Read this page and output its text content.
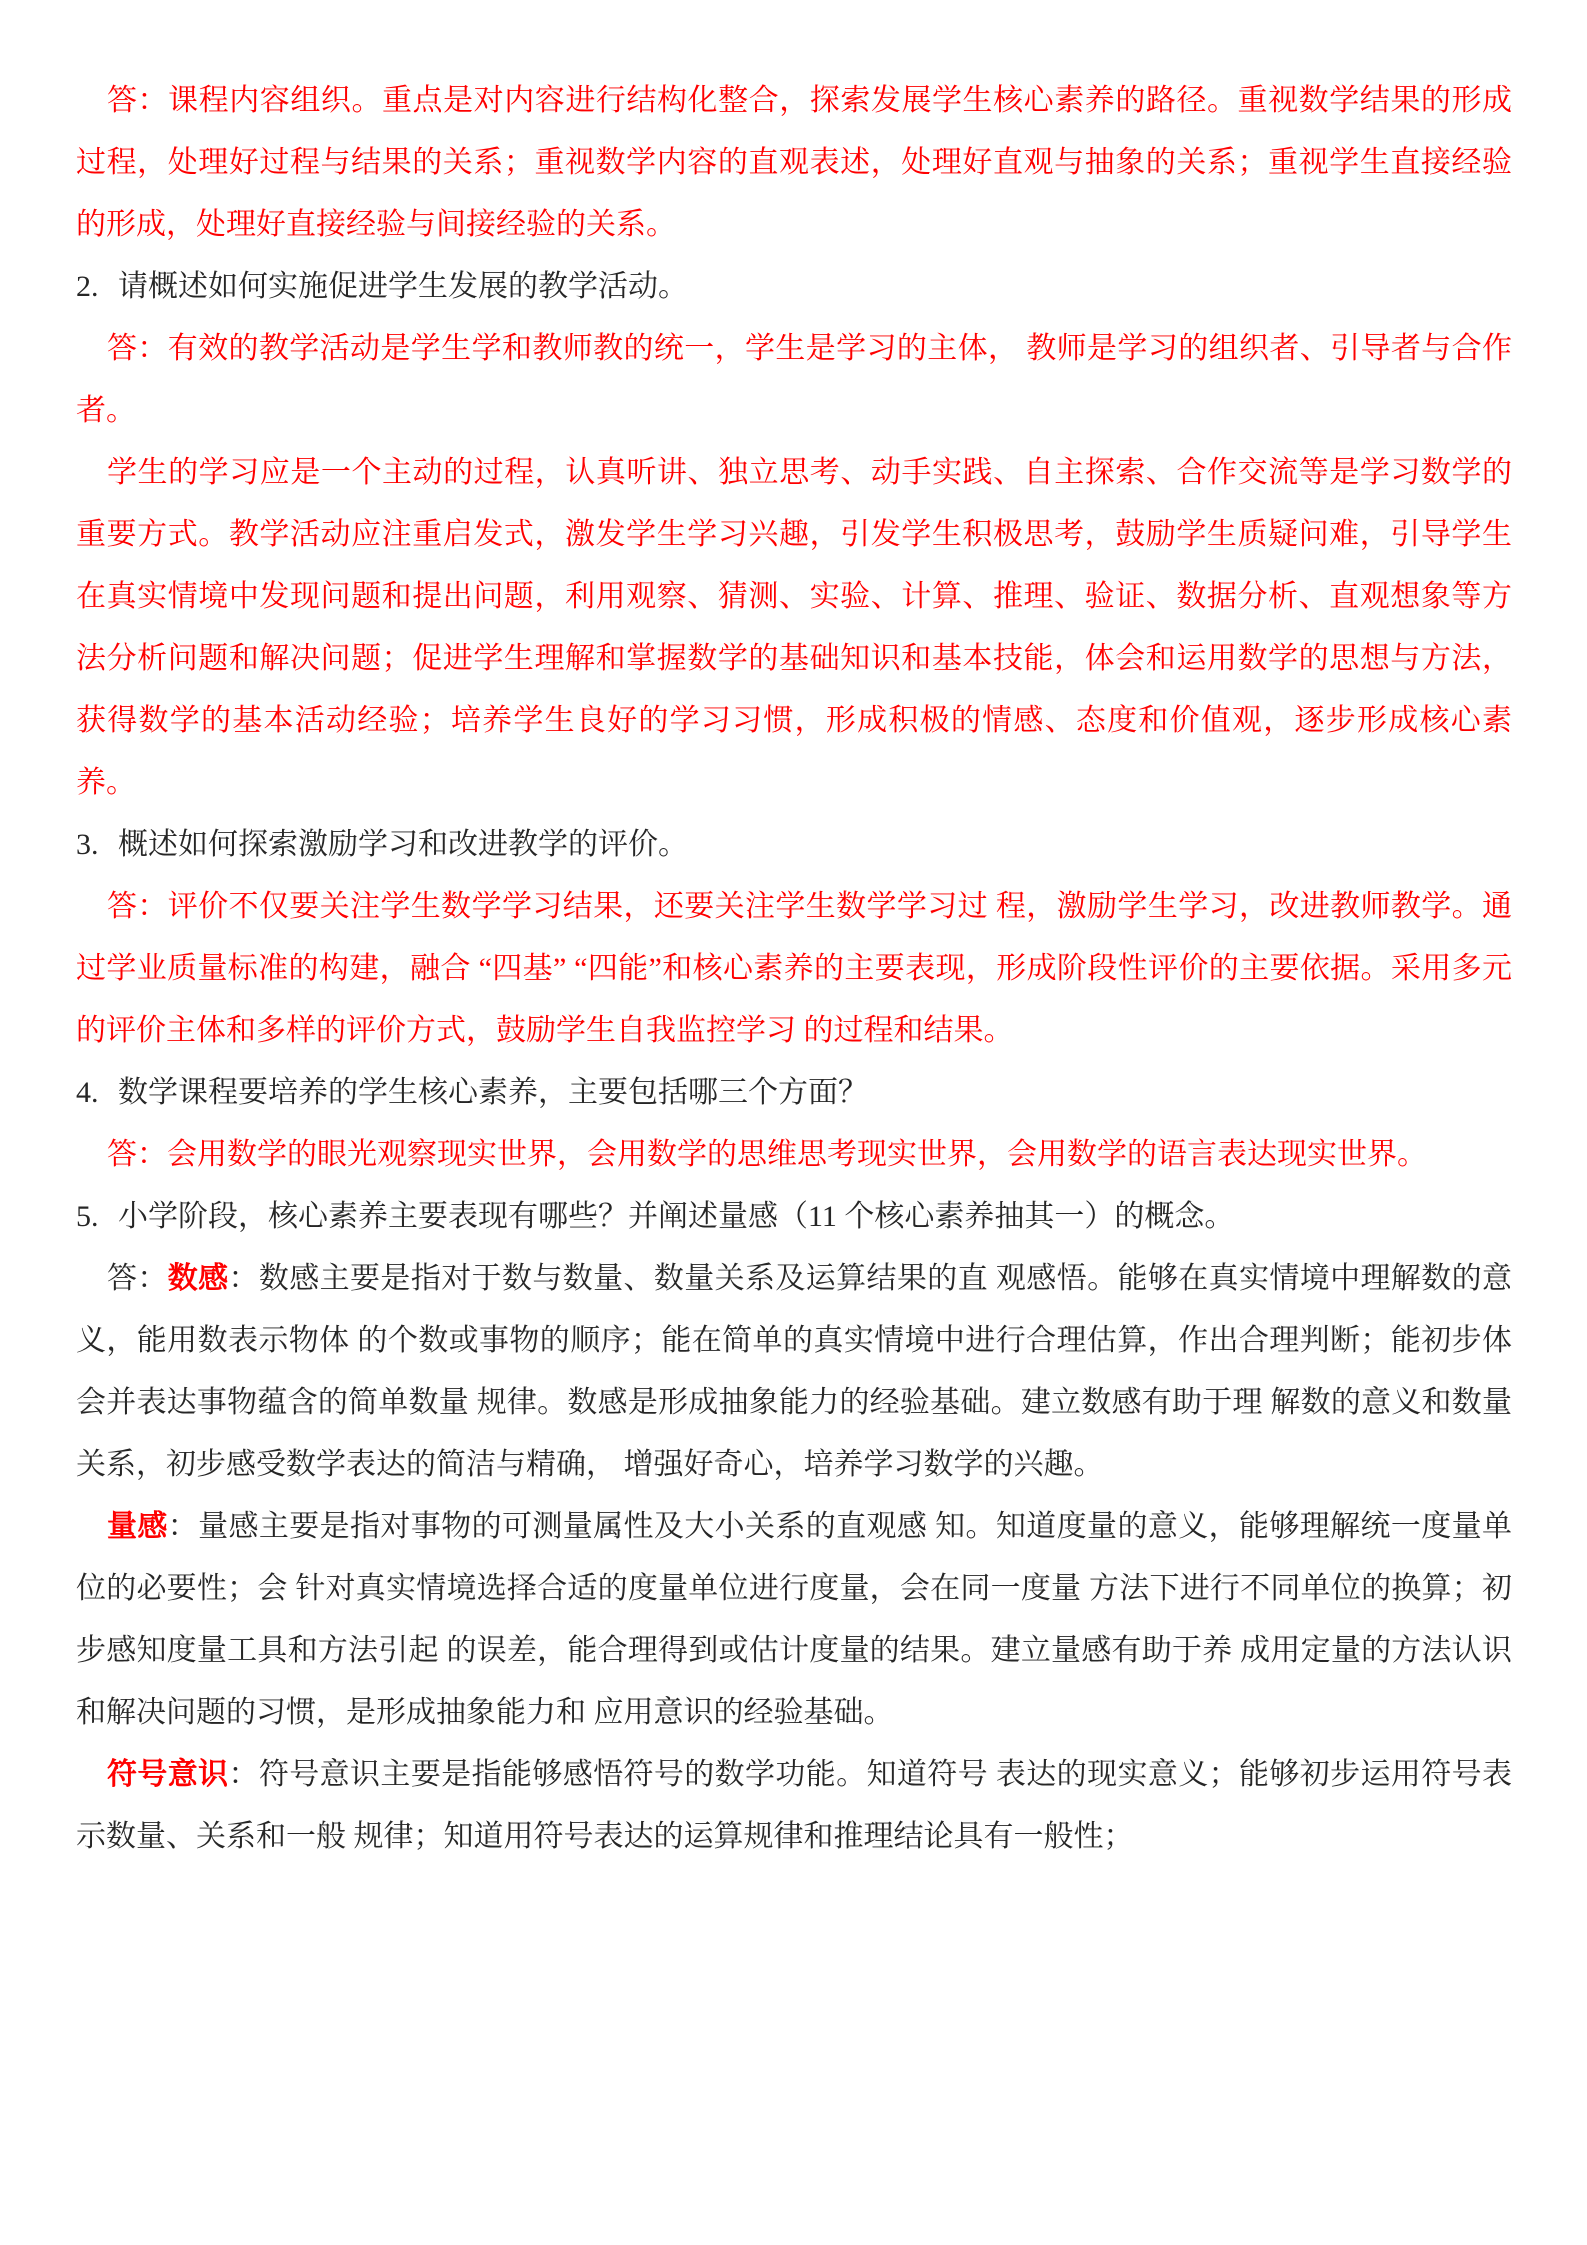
答：课程内容组织。重点是对内容进行结构化整合，探索发展学生核心素养的路径。重视数学结果的形成过程，处理好过程与结果的关系；重视数学内容的直观表述，处理好直观与抽象的关系；重视学生直接经验的形成，处理好直接经验与间接经验的关系。

2. 请概述如何实施促进学生发展的教学活动。

答：有效的教学活动是学生学和教师教的统一，学生是学习的主体， 教师是学习的组织者、引导者与合作者。

学生的学习应是一个主动的过程，认真听讲、独立思考、动手实践、自主探索、合作交流等是学习数学的重要方式。教学活动应注重启发式，激发学生学习兴趣，引发学生积极思考，鼓励学生质疑问难，引导学生在真实情境中发现问题和提出问题，利用观察、猜测、实验、计算、推理、验证、数据分析、直观想象等方法分析问题和解决问题；促进学生理解和掌握数学的基础知识和基本技能，体会和运用数学的思想与方法，获得数学的基本活动经验；培养学生良好的学习习惯，形成积极的情感、态度和价值观，逐步形成核心素养。

3. 概述如何探索激励学习和改进教学的评价。

答：评价不仅要关注学生数学学习结果，还要关注学生数学学习过 程，激励学生学习，改进教师教学。通过学业质量标准的构建，融合 “四基” “四能”和核心素养的主要表现，形成阶段性评价的主要依据。采用多元的评价主体和多样的评价方式，鼓励学生自我监控学习 的过程和结果。

4. 数学课程要培养的学生核心素养，主要包括哪三个方面？

答：会用数学的眼光观察现实世界，会用数学的思维思考现实世界，会用数学的语言表达现实世界。

5. 小学阶段，核心素养主要表现有哪些？并阐述量感（11 个核心素养抽其一）的概念。

答：数感：数感主要是指对于数与数量、数量关系及运算结果的直 观感悟。能够在真实情境中理解数的意义，能用数表示物体 的个数或事物的顺序；能在简单的真实情境中进行合理估算，作出合理判断；能初步体会并表达事物蕴含的简单数量 规律。数感是形成抽象能力的经验基础。建立数感有助于理 解数的意义和数量关系，初步感受数学表达的简洁与精确， 增强好奇心，培养学习数学的兴趣。

量感：量感主要是指对事物的可测量属性及大小关系的直观感 知。知道度量的意义，能够理解统一度量单位的必要性；会 针对真实情境选择合适的度量单位进行度量，会在同一度量 方法下进行不同单位的换算；初步感知度量工具和方法引起 的误差，能合理得到或估计度量的结果。建立量感有助于养 成用定量的方法认识和解决问题的习惯，是形成抽象能力和 应用意识的经验基础。

符号意识：符号意识主要是指能够感悟符号的数学功能。知道符号 表达的现实意义；能够初步运用符号表示数量、关系和一般 规律；知道用符号表达的运算规律和推理结论具有一般性；
